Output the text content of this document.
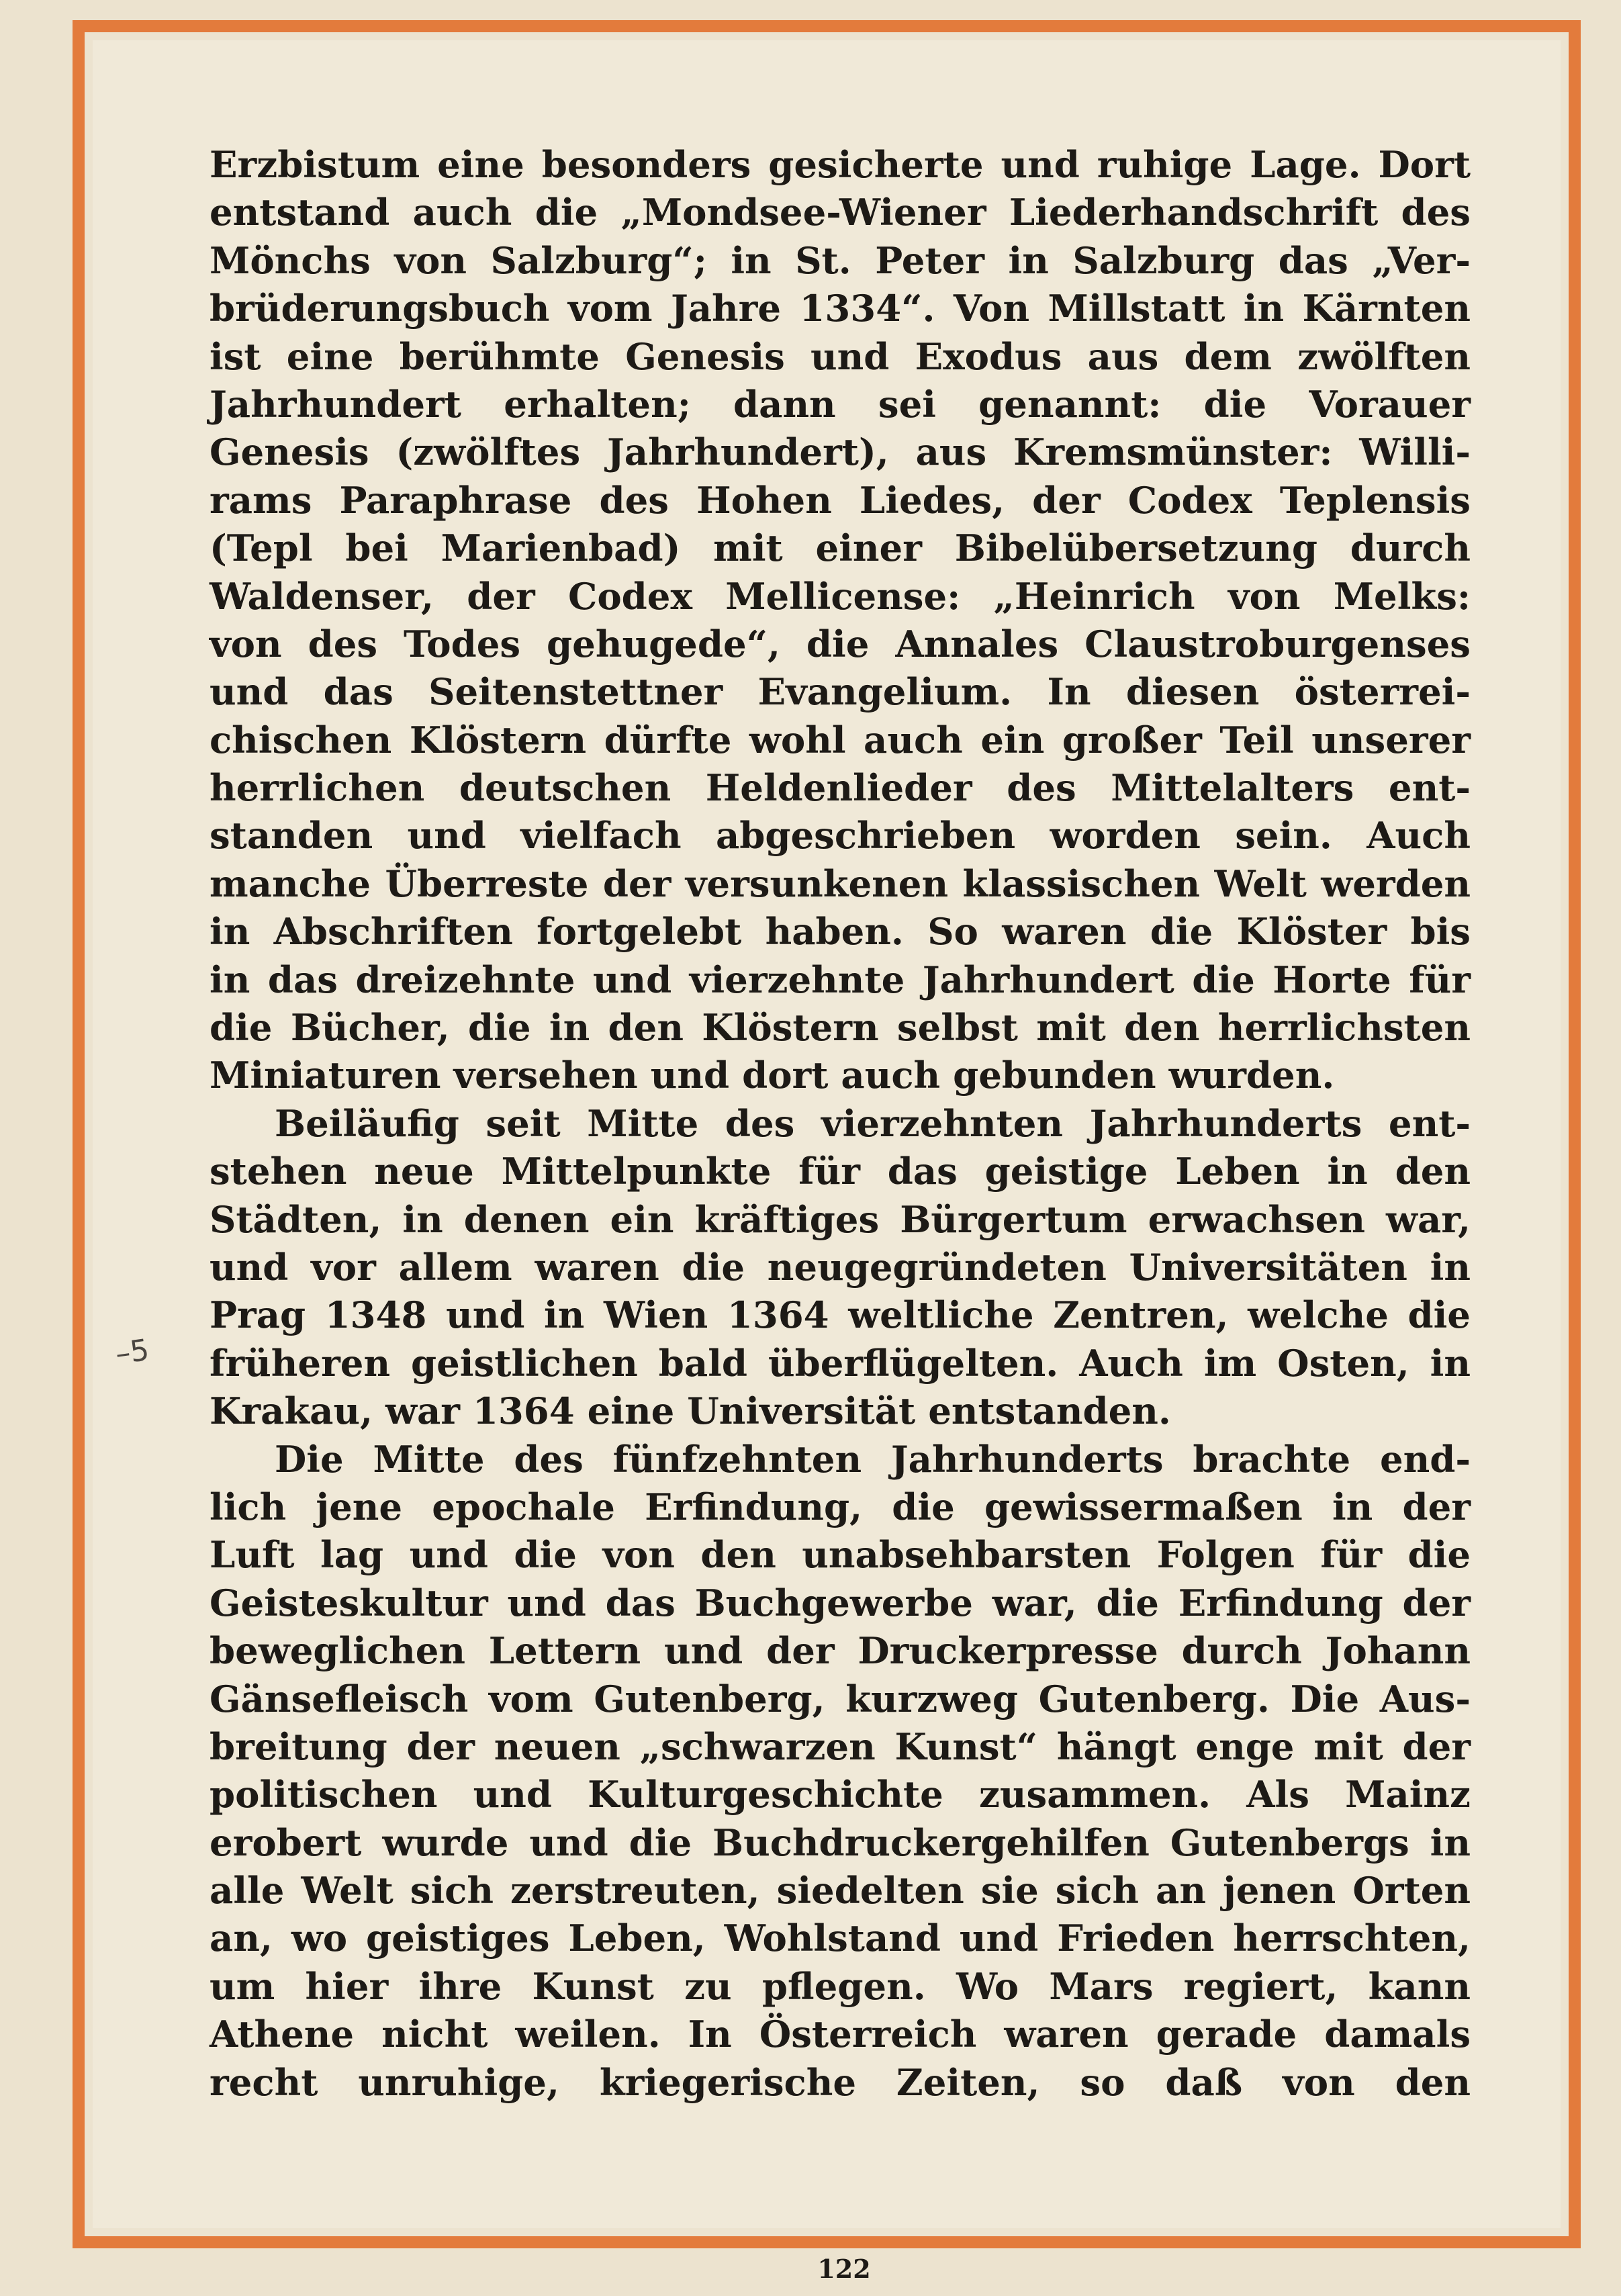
–5
Erzbistum eine besonders gesicherte und ruhige Lage. Dort
entstand auch die „Mondsee-Wiener Liederhandschrift des
Mönchs von Salzburg“; in St. Peter in Salzburg das „Ver-
brüderungsbuch vom Jahre 1334“. Von Millstatt in Kärnten
ist eine berühmte Genesis und Exodus aus dem zwölften
Jahrhundert erhalten; dann sei genannt: die Vorauer
Genesis (zwölftes Jahrhundert), aus Kremsmünster: Willi-
rams Paraphrase des Hohen Liedes, der Codex Teplensis
(Tepl bei Marienbad) mit einer Bibelübersetzung durch
Waldenser, der Codex Mellicense: „Heinrich von Melks:
von des Todes gehugede“, die Annales Claustroburgenses
und das Seitenstettner Evangelium. In diesen österrei-
chischen Klöstern dürfte wohl auch ein großer Teil unserer
herrlichen deutschen Heldenlieder des Mittelalters ent-
standen und vielfach abgeschrieben worden sein. Auch
manche Überreste der versunkenen klassischen Welt werden
in Abschriften fortgelebt haben. So waren die Klöster bis
in das dreizehnte und vierzehnte Jahrhundert die Horte für
die Bücher, die in den Klöstern selbst mit den herrlichsten
Miniaturen versehen und dort auch gebunden wurden.
Beiläufig seit Mitte des vierzehnten Jahrhunderts ent-
stehen neue Mittelpunkte für das geistige Leben in den
Städten, in denen ein kräftiges Bürgertum erwachsen war,
und vor allem waren die neugegründeten Universitäten in
Prag 1348 und in Wien 1364 weltliche Zentren, welche die
früheren geistlichen bald überflügelten. Auch im Osten, in
Krakau, war 1364 eine Universität entstanden.
Die Mitte des fünfzehnten Jahrhunderts brachte end-
lich jene epochale Erfindung, die gewissermaßen in der
Luft lag und die von den unabsehbarsten Folgen für die
Geisteskultur und das Buchgewerbe war, die Erfindung der
beweglichen Lettern und der Druckerpresse durch Johann
Gänsefleisch vom Gutenberg, kurzweg Gutenberg. Die Aus-
breitung der neuen „schwarzen Kunst“ hängt enge mit der
politischen und Kulturgeschichte zusammen. Als Mainz
erobert wurde und die Buchdruckergehilfen Gutenbergs in
alle Welt sich zerstreuten, siedelten sie sich an jenen Orten
an, wo geistiges Leben, Wohlstand und Frieden herrschten,
um hier ihre Kunst zu pflegen. Wo Mars regiert, kann
Athene nicht weilen. In Österreich waren gerade damals
recht unruhige, kriegerische Zeiten, so daß von den
122
